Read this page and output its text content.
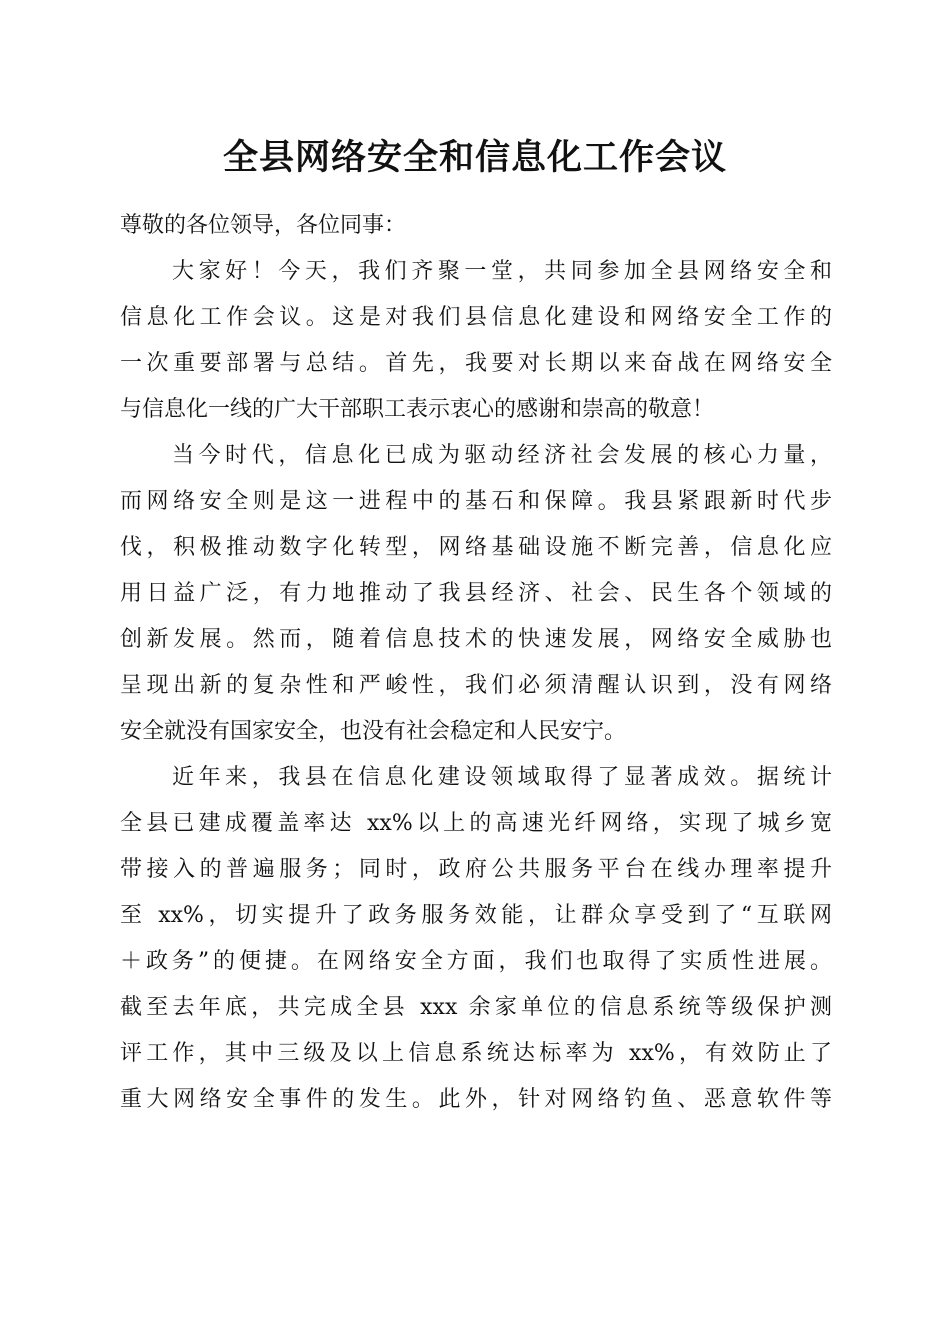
全县网络安全和信息化工作会议

尊敬的各位领导，各位同事：

大家好！今天，我们齐聚一堂，共同参加全县网络安全和
信息化工作会议。这是对我们县信息化建设和网络安全工作的
一次重要部署与总结。首先，我要对长期以来奋战在网络安全
与信息化一线的广大干部职工表示衷心的感谢和崇高的敬意！
当今时代，信息化已成为驱动经济社会发展的核心力量，
而网络安全则是这一进程中的基石和保障。我县紧跟新时代步
伐，积极推动数字化转型，网络基础设施不断完善，信息化应
用日益广泛，有力地推动了我县经济、社会、民生各个领域的
创新发展。然而，随着信息技术的快速发展，网络安全威胁也
呈现出新的复杂性和严峻性，我们必须清醒认识到，没有网络
安全就没有国家安全，也没有社会稳定和人民安宁。
近年来，我县在信息化建设领域取得了显著成效。据统计
全县已建成覆盖率达 xx%以上的高速光纤网络，实现了城乡宽
带接入的普遍服务；同时，政府公共服务平台在线办理率提升
至 xx%，切实提升了政务服务效能，让群众享受到了“互联网
＋政务”的便捷。在网络安全方面，我们也取得了实质性进展。
截至去年底，共完成全县 xxx 余家单位的信息系统等级保护测
评工作，其中三级及以上信息系统达标率为 xx%，有效防止了
重大网络安全事件的发生。此外，针对网络钓鱼、恶意软件等
